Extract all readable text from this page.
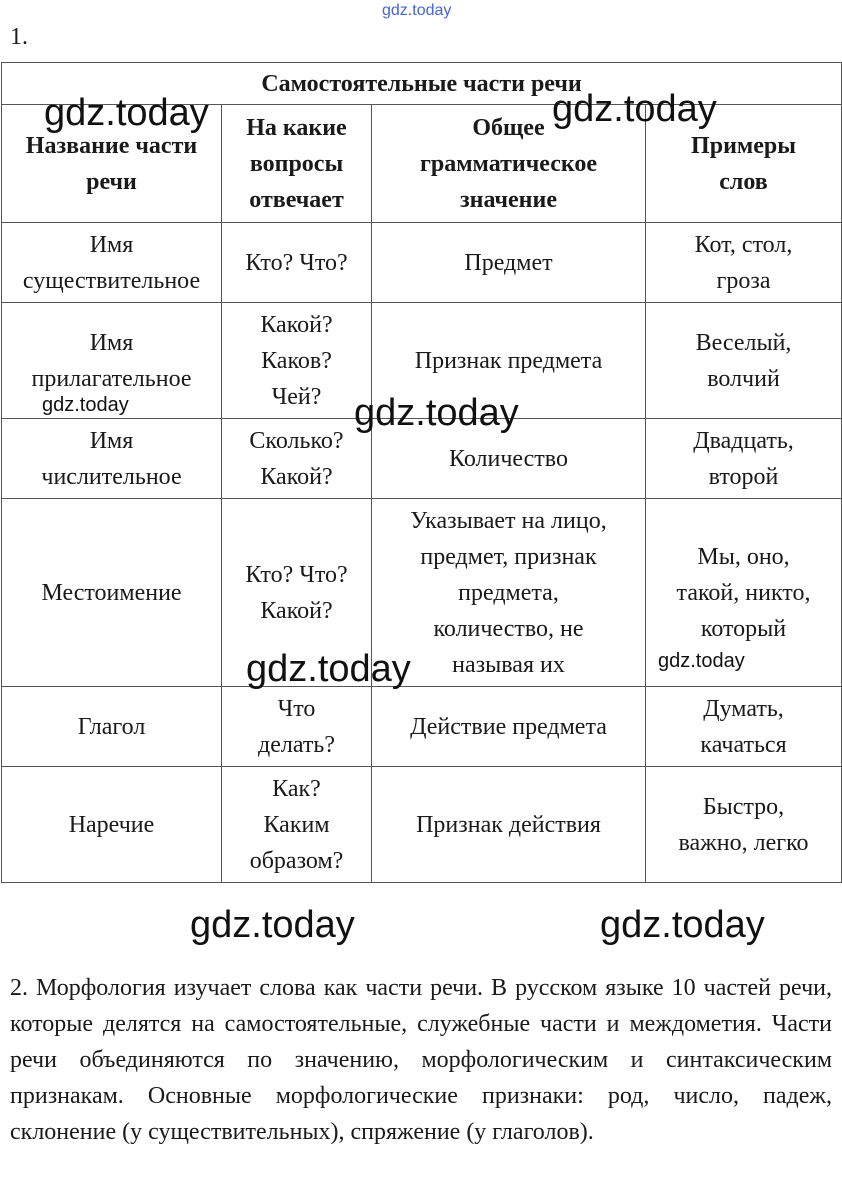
gdz.today
1.
Самостоятельные части речи			
Название части
речи	На какие
вопросы
отвечает	Общее
грамматическое
значение	Примеры
слов
Имя
существительное	Кто? Что?	Предмет	Кот, стол,
гроза
Имя
прилагательное	Какой?
Каков?
Чей?	Признак предмета	Веселый,
волчий
Имя
числительное	Сколько?
Какой?	Количество	Двадцать,
второй
Местоимение	Кто? Что?
Какой?	Указывает на лицо,
предмет, признак
предмета,
количество, не
называя их	Мы, оно,
такой, никто,
который
Глагол	Что
делать?	Действие предмета	Думать,
качаться
Наречие	Как?
Каким
образом?	Признак действия	Быстро,
важно, легко
2. Морфология изучает слова как части речи. В русском языке 10 частей речи, которые делятся на самостоятельные, служебные части и междометия. Части речи объединяются по значению, морфологическим и синтаксическим признакам. Основные морфологические признаки: род, число, падеж, склонение (у существительных), спряжение (у глаголов).
gdz.today	gdz.today
gdz.today	gdz.today
gdz.today	gdz.today
gdz.today	gdz.today
